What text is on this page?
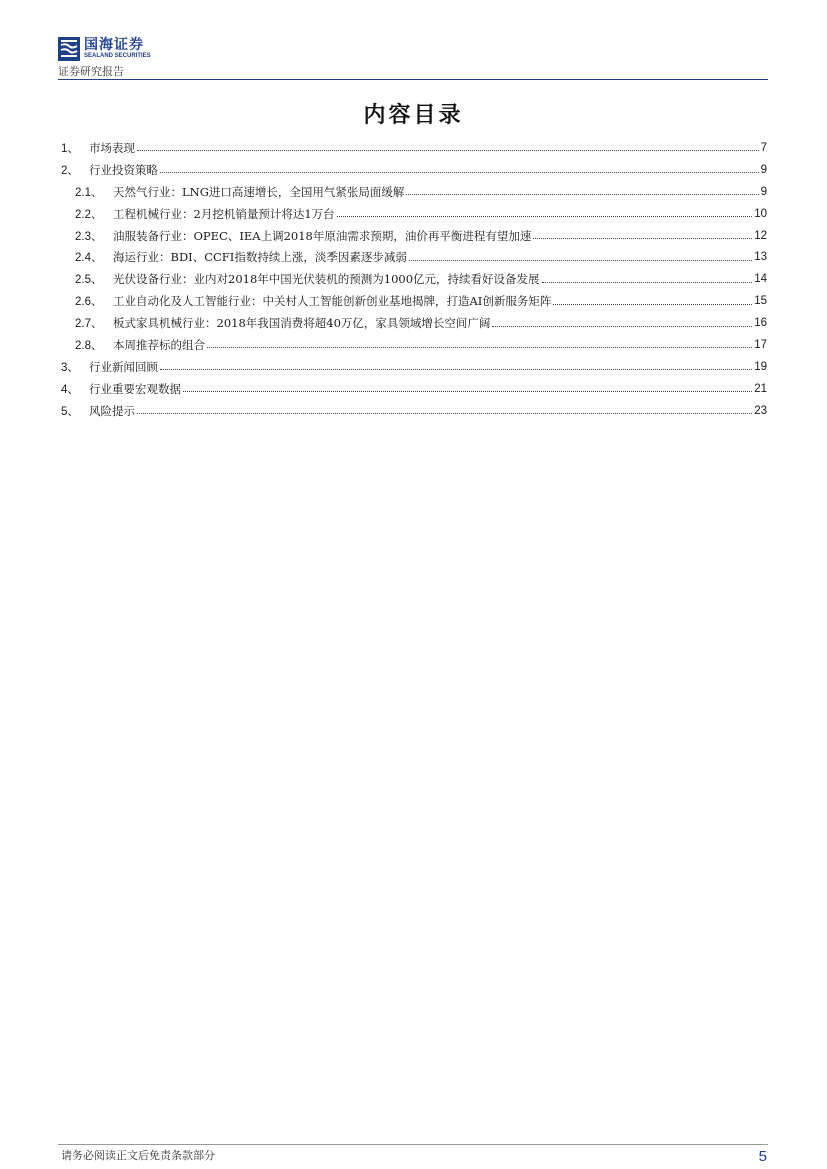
国海证券
SEALAND SECURITIES
证券研究报告
内容目录
1、 市场表现	7
2、 行业投资策略	9
2.1、 天然气行业：LNG进口高速增长，全国用气紧张局面缓解	9
2.2、 工程机械行业：2月挖机销量预计将达1万台	10
2.3、 油服装备行业：OPEC、IEA上调2018年原油需求预期，油价再平衡进程有望加速	12
2.4、 海运行业：BDI、CCFI指数持续上涨，淡季因素逐步减弱	13
2.5、 光伏设备行业：业内对2018年中国光伏装机的预测为1000亿元，持续看好设备发展	14
2.6、 工业自动化及人工智能行业：中关村人工智能创新创业基地揭牌，打造AI创新服务矩阵	15
2.7、 板式家具机械行业：2018年我国消费将超40万亿，家具领域增长空间广阔	16
2.8、 本周推荐标的组合	17
3、 行业新闻回顾	19
4、 行业重要宏观数据	21
5、 风险提示	23
请务必阅读正文后免责条款部分	5
